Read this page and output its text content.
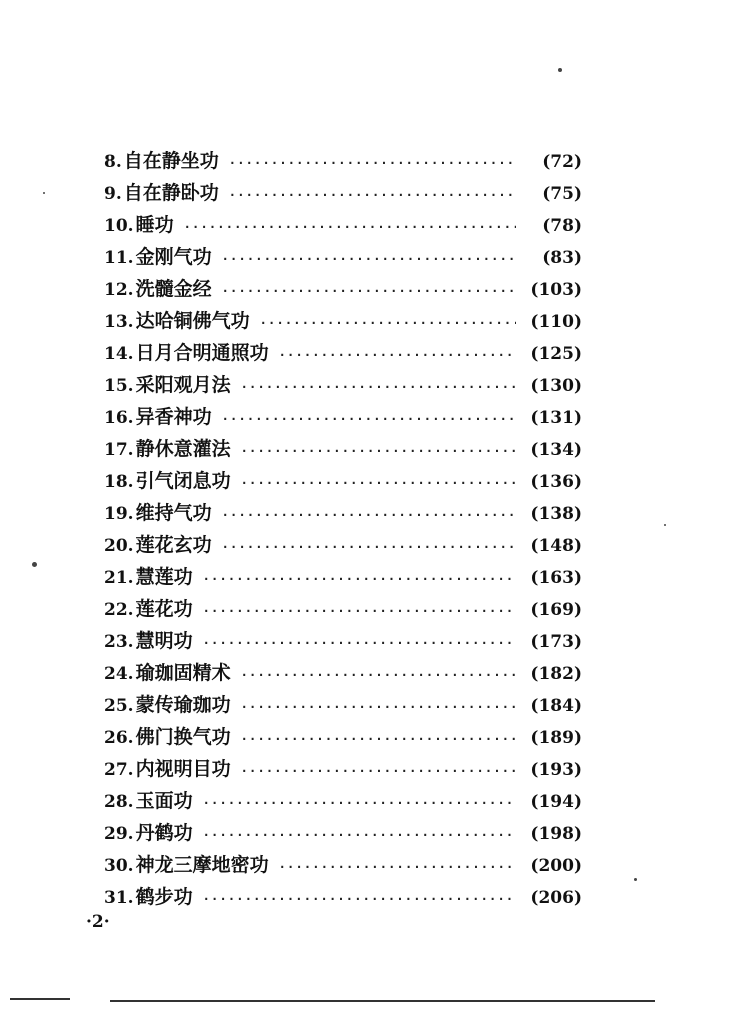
8. 自在静坐功 ·····	(72)
9. 自在静卧功 ·····	(75)
10. 睡功 ·····	(78)
11. 金刚气功 ·····	(83)
12. 洗髓金经 ·····	(103)
13. 达哈铜佛气功 ·····	(110)
14. 日月合明通照功 ·····	(125)
15. 采阳观月法 ·····	(130)
16. 异香神功 ·····	(131)
17. 静休意灌法 ·····	(134)
18. 引气闭息功 ·····	(136)
19. 维持气功 ·····	(138)
20. 莲花玄功 ·····	(148)
21. 慧莲功 ·····	(163)
22. 莲花功 ·····	(169)
23. 慧明功 ·····	(173)
24. 瑜珈固精术 ·····	(182)
25. 蒙传瑜珈功 ·····	(184)
26. 佛门换气功 ·····	(189)
27. 内视明目功 ·····	(193)
28. 玉面功 ·····	(194)
29. 丹鹤功 ·····	(198)
30. 神龙三摩地密功 ·····	(200)
31. 鹤步功 ·····	(206)
·2·
